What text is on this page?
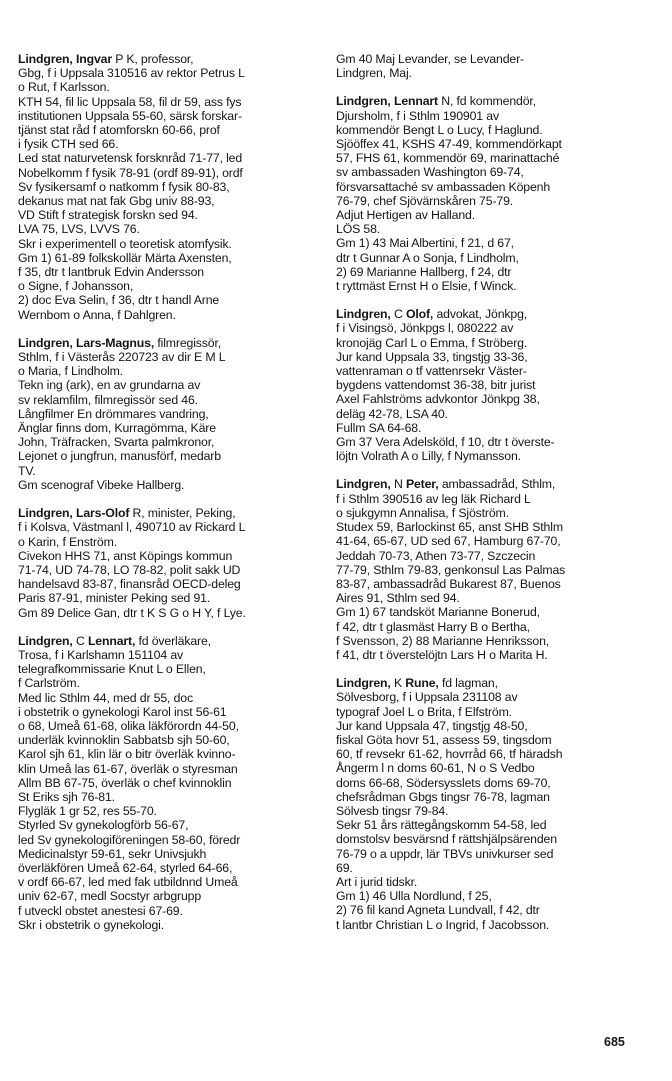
Lindgren, Ingvar P K, professor,
Gbg, f i Uppsala 310516 av rektor Petrus L
o Rut, f Karlsson.
KTH 54, fil lic Uppsala 58, fil dr 59, ass fys
institutionen Uppsala 55-60, särsk forskar-
tjänst stat råd f atomforskn 60-66, prof
i fysik CTH sed 66.
Led stat naturvetensk forsknråd 71-77, led
Nobelkomm f fysik 78-91 (ordf 89-91), ordf
Sv fysikersamf o natkomm f fysik 80-83,
dekanus mat nat fak Gbg univ 88-93,
VD Stift f strategisk forskn sed 94.
LVA 75, LVS, LVVS 76.
Skr i experimentell o teoretisk atomfysik.
Gm 1) 61-89 folkskollär Märta Axensten,
f 35, dtr t lantbruk Edvin Andersson
o Signe, f Johansson,
2) doc Eva Selin, f 36, dtr t handl Arne
Wernbom o Anna, f Dahlgren.
Lindgren, Lars-Magnus, filmregissör,
Sthlm, f i Västerås 220723 av dir E M L
o Maria, f Lindholm.
Tekn ing (ark), en av grundarna av
sv reklamfilm, filmregissör sed 46.
Långfilmer En drömmares vandring,
Änglar finns dom, Kurragömma, Käre
John, Träfracken, Svarta palmkronor,
Lejonet o jungfrun, manusförf, medarb
TV.
Gm scenograf Vibeke Hallberg.
Lindgren, Lars-Olof R, minister, Peking,
f i Kolsva, Västmanl l, 490710 av Rickard L
o Karin, f Enström.
Civekon HHS 71, anst Köpings kommun
71-74, UD 74-78, LO 78-82, polit sakk UD
handelsavd 83-87, finansråd OECD-deleg
Paris 87-91, minister Peking sed 91.
Gm 89 Delice Gan, dtr t K S G o H Y, f Lye.
Lindgren, C Lennart, fd överläkare,
Trosa, f i Karlshamn 151104 av
telegrafkommissarie Knut L o Ellen,
f Carlström.
Med lic Sthlm 44, med dr 55, doc
i obstetrik o gynekologi Karol inst 56-61
o 68, Umeå 61-68, olika läkförordn 44-50,
underläk kvinnoklin Sabbatsb sjh 50-60,
Karol sjh 61, klin lär o bitr överläk kvinno-
klin Umeå las 61-67, överläk o styresman
Allm BB 67-75, överläk o chef kvinnoklin
St Eriks sjh 76-81.
Flygläk 1 gr 52, res 55-70.
Styrled Sv gynekologförb 56-67,
led Sv gynekologiföreningen 58-60, föredr
Medicinalstyr 59-61, sekr Univsjukh
överläkfören Umeå 62-64, styrled 64-66,
v ordf 66-67, led med fak utbildnnd Umeå
univ 62-67, medl Socstyr arbgrupp
f utveckl obstet anestesi 67-69.
Skr i obstetrik o gynekologi.
Gm 40 Maj Levander, se Levander-
Lindgren, Maj.
Lindgren, Lennart N, fd kommendör,
Djursholm, f i Sthlm 190901 av
kommendör Bengt L o Lucy, f Haglund.
Sjööffex 41, KSHS 47-49, kommendörkapt
57, FHS 61, kommendör 69, marinattaché
sv ambassaden Washington 69-74,
försvarsattaché sv ambassaden Köpenh
76-79, chef Sjövärnskåren 75-79.
Adjut Hertigen av Halland.
LÖS 58.
Gm 1) 43 Mai Albertini, f 21, d 67,
dtr t Gunnar A o Sonja, f Lindholm,
2) 69 Marianne Hallberg, f 24, dtr
t ryttmäst Ernst H o Elsie, f Winck.
Lindgren, C Olof, advokat, Jönkpg,
f i Visingsö, Jönkpgs l, 080222 av
kronojäg Carl L o Emma, f Ströberg.
Jur kand Uppsala 33, tingstjg 33-36,
vattenraman o tf vattenrsekr Väster-
bygdens vattendomst 36-38, bitr jurist
Axel Fahlströms advkontor Jönkpg 38,
deläg 42-78, LSA 40.
Fullm SA 64-68.
Gm 37 Vera Adelsköld, f 10, dtr t överste-
löjtn Volrath A o Lilly, f Nymansson.
Lindgren, N Peter, ambassadråd, Sthlm,
f i Sthlm 390516 av leg läk Richard L
o sjukgymn Annalisa, f Sjöström.
Studex 59, Barlockinst 65, anst SHB Sthlm
41-64, 65-67, UD sed 67, Hamburg 67-70,
Jeddah 70-73, Athen 73-77, Szczecin
77-79, Sthlm 79-83, genkonsul Las Palmas
83-87, ambassadråd Bukarest 87, Buenos
Aires 91, Sthlm sed 94.
Gm 1) 67 tandsköt Marianne Bonerud,
f 42, dtr t glasmäst Harry B o Bertha,
f Svensson, 2) 88 Marianne Henriksson,
f 41, dtr t överstelöjtn Lars H o Marita H.
Lindgren, K Rune, fd lagman,
Sölvesborg, f i Uppsala 231108 av
typograf Joel L o Brita, f Elfström.
Jur kand Uppsala 47, tingstjg 48-50,
fiskal Göta hovr 51, assess 59, tingsdom
60, tf revsekr 61-62, hovrråd 66, tf häradsh
Ångerm l n doms 60-61, N o S Vedbo
doms 66-68, Södersysslets doms 69-70,
chefsrådman Gbgs tingsr 76-78, lagman
Sölvesb tingsr 79-84.
Sekr 51 års rättegångskomm 54-58, led
domstolsv besvärsnd f rättshjälpsärenden
76-79 o a uppdr, lär TBVs univkurser sed
69.
Art i jurid tidskr.
Gm 1) 46 Ulla Nordlund, f 25,
2) 76 fil kand Agneta Lundvall, f 42, dtr
t lantbr Christian L o Ingrid, f Jacobsson.
685
